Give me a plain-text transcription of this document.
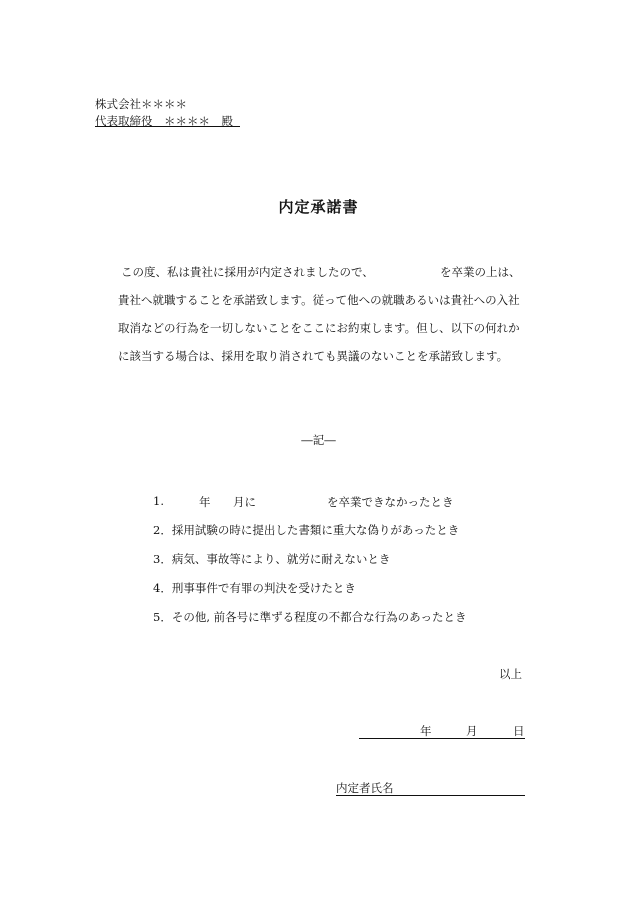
株式会社＊＊＊＊
代表取締役　＊＊＊＊　殿
内定承諾書
この度、私は貴社に採用が内定されましたので、	を卒業の上は、
貴社へ就職することを承諾致します。従って他への就職あるいは貴社への入社
取消などの行為を一切しないことをここにお約束します。但し、以下の何れか
に該当する場合は、採用を取り消されても異議のないことを承諾致します。
―記―
1.	年 月に	を卒業できなかったとき
2．採用試験の時に提出した書類に重大な偽りがあったとき
3．病気、事故等により、就労に耐えないとき
4．刑事事件で有罪の判決を受けたとき
5．その他, 前各号に準ずる程度の不都合な行為のあったとき
以上
年	月	日
内定者氏名
